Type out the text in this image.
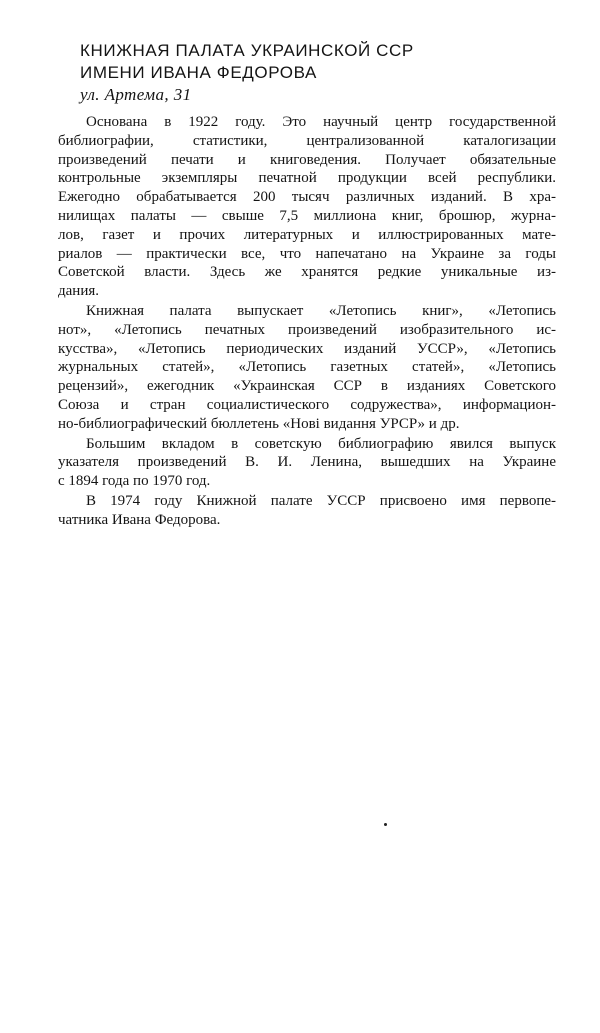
КНИЖНАЯ ПАЛАТА УКРАИНСКОЙ ССР
ИМЕНИ ИВАНА ФЕДОРОВА
ул. Артема, 31
Основана в 1922 году. Это научный центр государственной
библиографии, статистики, централизованной каталогизации
произведений печати и книговедения. Получает обязательные
контрольные экземпляры печатной продукции всей республики.
Ежегодно обрабатывается 200 тысяч различных изданий. В хра-
нилищах палаты — свыше 7,5 миллиона книг, брошюр, журна-
лов, газет и прочих литературных и иллюстрированных мате-
риалов — практически все, что напечатано на Украине за годы
Советской власти. Здесь же хранятся редкие уникальные из-
дания.
Книжная палата выпускает «Летопись книг», «Летопись
нот», «Летопись печатных произведений изобразительного ис-
кусства», «Летопись периодических изданий УССР», «Летопись
журнальных статей», «Летопись газетных статей», «Летопись
рецензий», ежегодник «Украинская ССР в изданиях Советского
Союза и стран социалистического содружества», информацион-
но-библиографический бюллетень «Нові видання УРСР» и др.
Большим вкладом в советскую библиографию явился выпуск
указателя произведений В. И. Ленина, вышедших на Украине
с 1894 года по 1970 год.
В 1974 году Книжной палате УССР присвоено имя первопе-
чатника Ивана Федорова.
